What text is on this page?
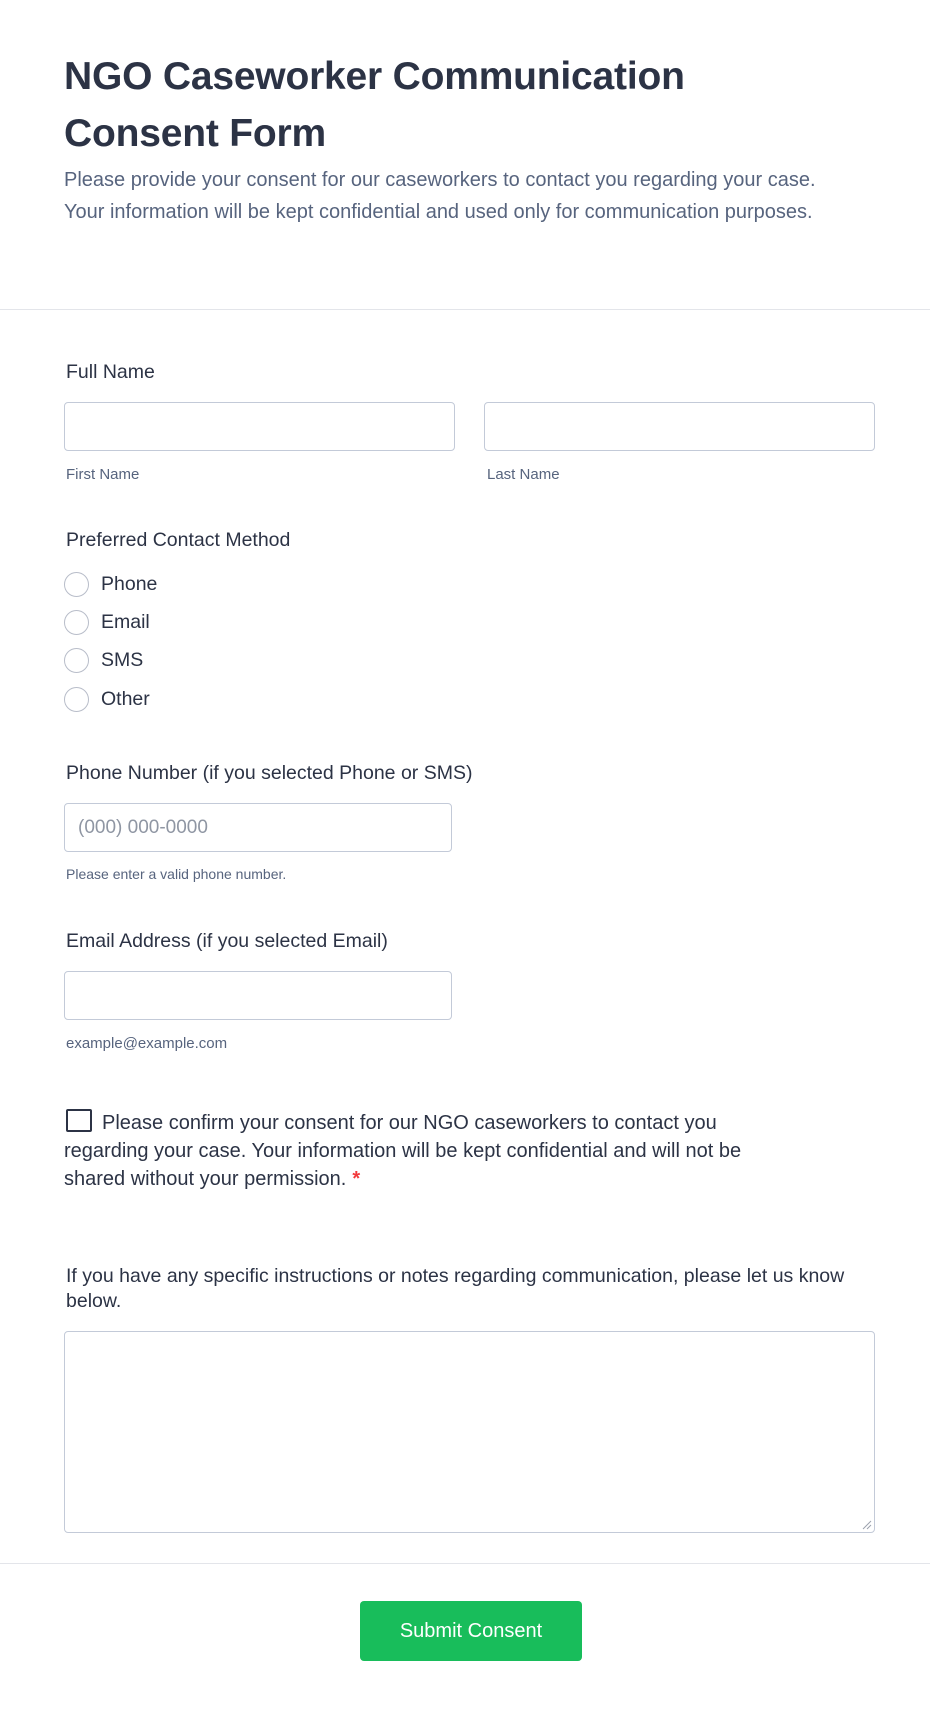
NGO Caseworker Communication Consent Form

Please provide your consent for our caseworkers to contact you regarding your case. Your information will be kept confidential and used only for communication purposes.

Full Name
First Name	Last Name
Preferred Contact Method
Phone
Email
SMS
Other
Phone Number (if you selected Phone or SMS)
(000) 000-0000
Please enter a valid phone number.
Email Address (if you selected Email)
example@example.com
Please confirm your consent for our NGO caseworkers to contact you regarding your case. Your information will be kept confidential and will not be shared without your permission. *
If you have any specific instructions or notes regarding communication, please let us know below.
Submit Consent
